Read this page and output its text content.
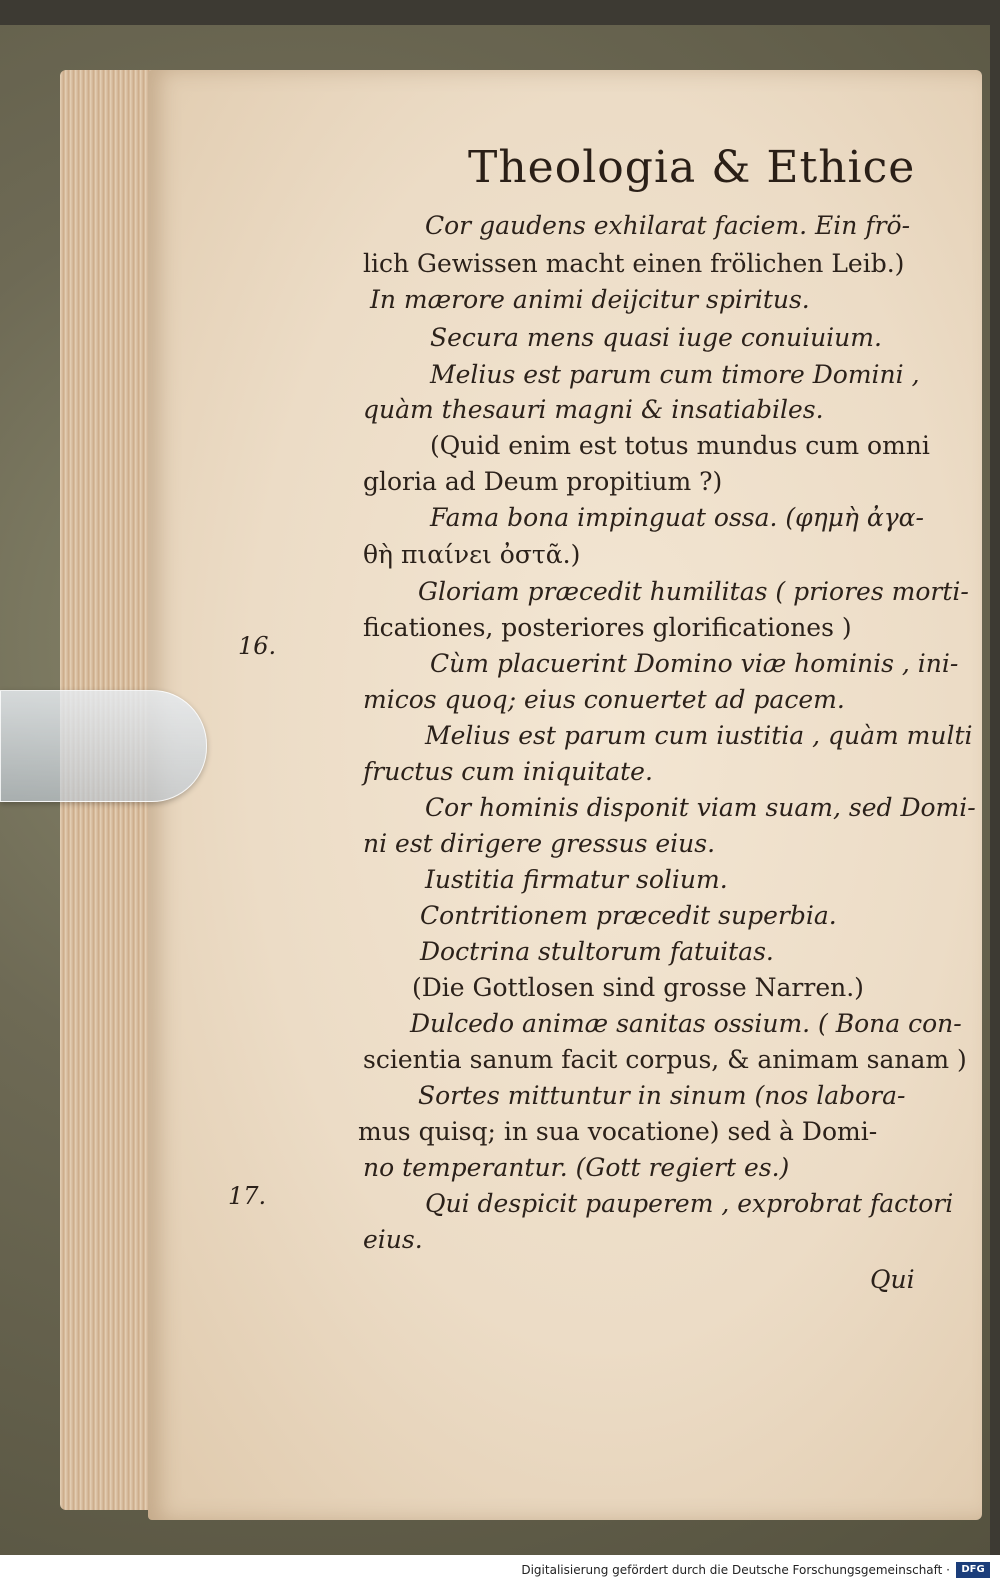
Theologia & Ethice
Cor gaudens exhilarat faciem. Ein frö-
lich Gewissen macht einen frölichen Leib.)
In mærore animi deijcitur spiritus.
Secura mens quasi iuge conuiuium.
Melius est parum cum timore Domini ,
quàm thesauri magni & insatiabiles.
(Quid enim est totus mundus cum omni
gloria ad Deum propitium ?)
Fama bona impinguat ossa. (φημὴ ἀγα-
θὴ πιαίνει ὀστᾶ.)
Gloriam præcedit humilitas ( priores morti-
ficationes, posteriores glorificationes )
16.
Cùm placuerint Domino viæ hominis , ini-
micos quoq; eius conuertet ad pacem.
Melius est parum cum iustitia , quàm multi
fructus cum iniquitate.
Cor hominis disponit viam suam, sed Domi-
ni est dirigere gressus eius.
Iustitia firmatur solium.
Contritionem præcedit superbia.
Doctrina stultorum fatuitas.
(Die Gottlosen sind grosse Narren.)
Dulcedo animæ sanitas ossium. ( Bona con-
scientia sanum facit corpus, & animam sanam )
Sortes mittuntur in sinum (nos labora-
mus quisq; in sua vocatione) sed à Domi-
no temperantur. (Gott regiert es.)
17.	Qui despicit pauperem , exprobrat factori
eius.
Qui
Digitalisierung gefördert durch die Deutsche Forschungsgemeinschaft ·	DFG
